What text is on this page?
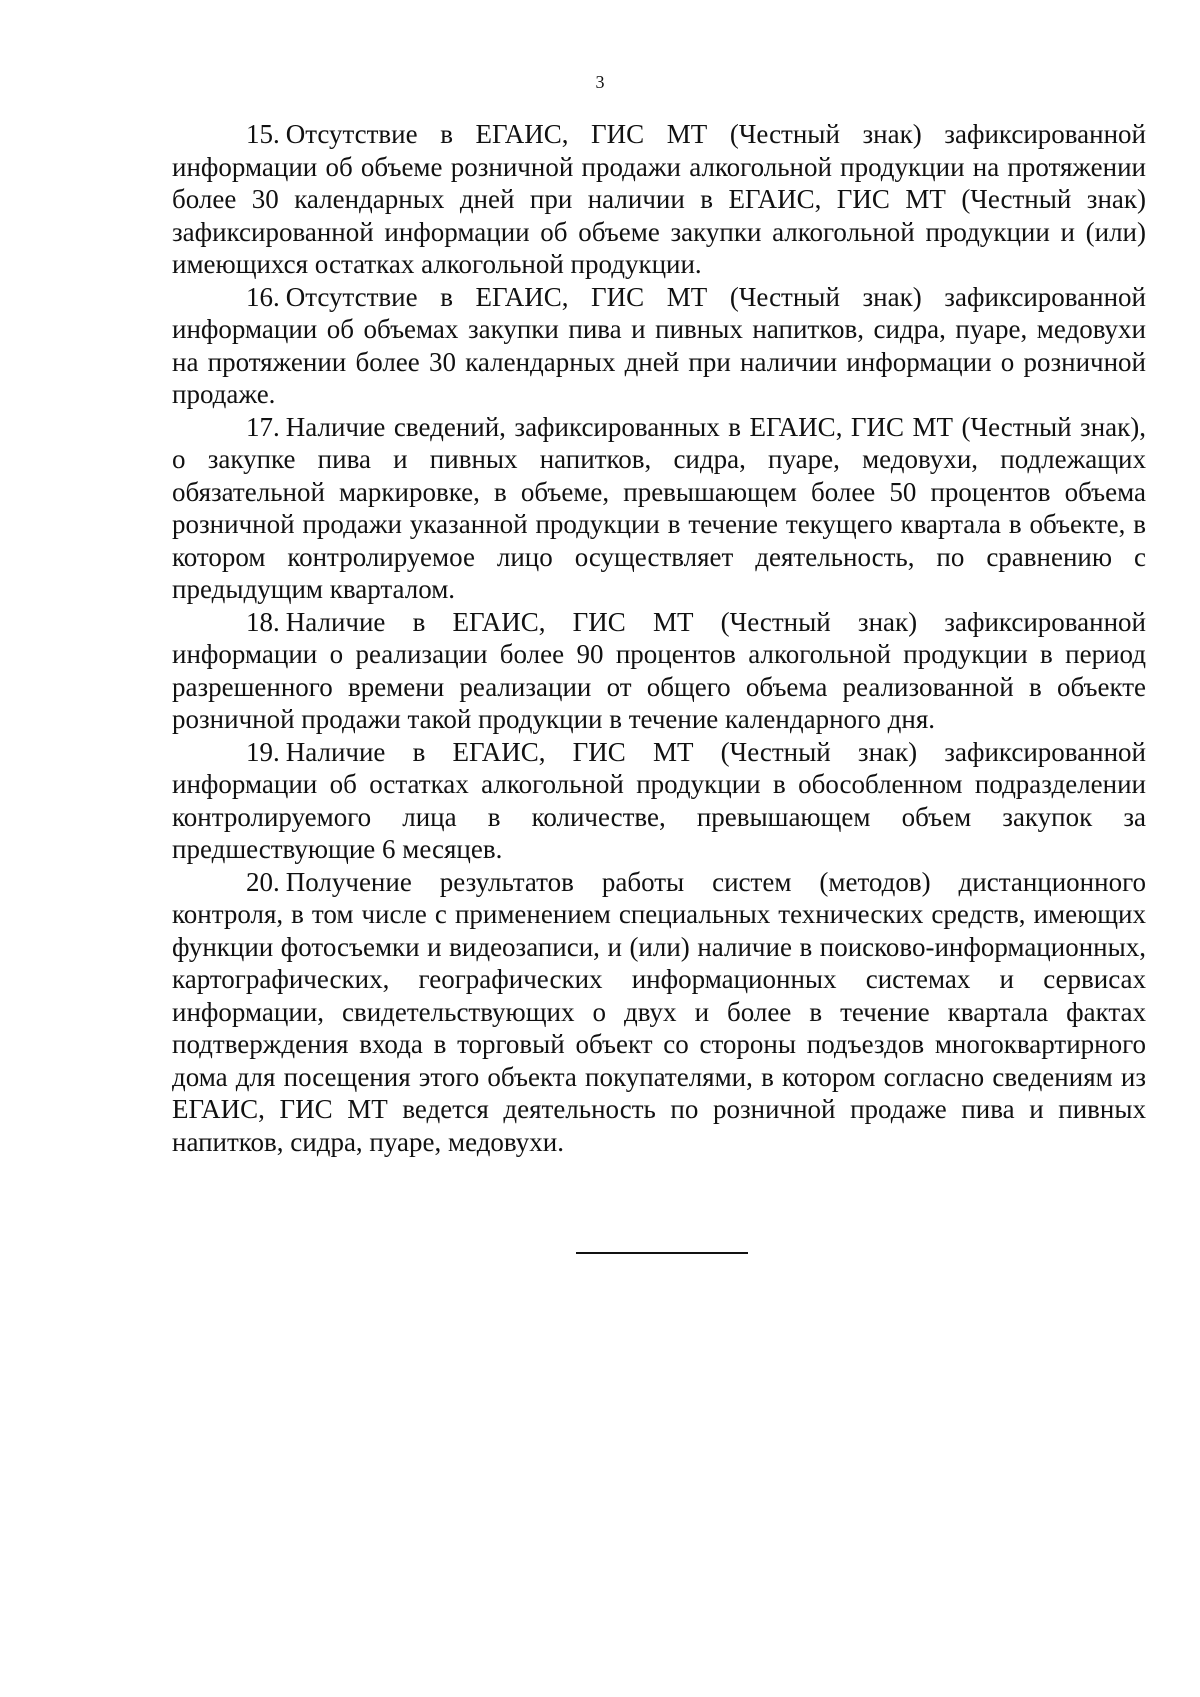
3

15. Отсутствие в ЕГАИС, ГИС МТ (Честный знак) зафиксированной информации об объеме розничной продажи алкогольной продукции на протяжении более 30 календарных дней при наличии в ЕГАИС, ГИС МТ (Честный знак) зафиксированной информации об объеме закупки алкогольной продукции и (или) имеющихся остатках алкогольной продукции.

16. Отсутствие в ЕГАИС, ГИС МТ (Честный знак) зафиксированной информации об объемах закупки пива и пивных напитков, сидра, пуаре, медовухи на протяжении более 30 календарных дней при наличии информации о розничной продаже.

17. Наличие сведений, зафиксированных в ЕГАИС, ГИС МТ (Честный знак), о закупке пива и пивных напитков, сидра, пуаре, медовухи, подлежащих обязательной маркировке, в объеме, превышающем более 50 процентов объема розничной продажи указанной продукции в течение текущего квартала в объекте, в котором контролируемое лицо осуществляет деятельность, по сравнению с предыдущим кварталом.

18. Наличие в ЕГАИС, ГИС МТ (Честный знак) зафиксированной информации о реализации более 90 процентов алкогольной продукции в период разрешенного времени реализации от общего объема реализованной в объекте розничной продажи такой продукции в течение календарного дня.

19. Наличие в ЕГАИС, ГИС МТ (Честный знак) зафиксированной информации об остатках алкогольной продукции в обособленном подразделении контролируемого лица в количестве, превышающем объем закупок за предшествующие 6 месяцев.

20. Получение результатов работы систем (методов) дистанционного контроля, в том числе с применением специальных технических средств, имеющих функции фотосъемки и видеозаписи, и (или) наличие в поисково-информационных, картографических, географических информационных системах и сервисах информации, свидетельствующих о двух и более в течение квартала фактах подтверждения входа в торговый объект со стороны подъездов многоквартирного дома для посещения этого объекта покупателями, в котором согласно сведениям из ЕГАИС, ГИС МТ ведется деятельность по розничной продаже пива и пивных напитков, сидра, пуаре, медовухи.
